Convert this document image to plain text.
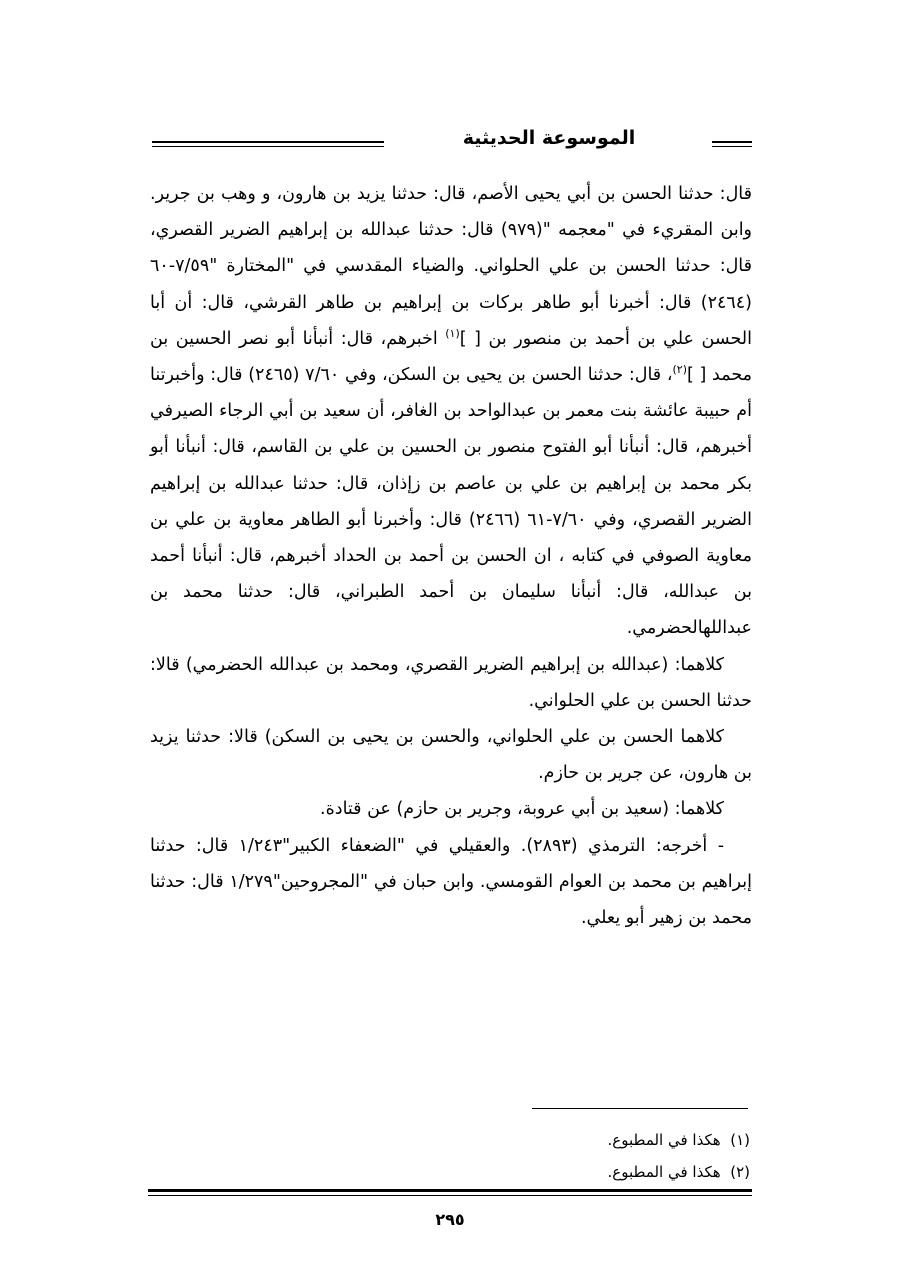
الموسوعة الحديثية

قال: حدثنا الحسن بن أبي يحيى الأصم، قال: حدثنا يزيد بن هارون، و وهب بن جرير. وابن المقريء في "معجمه "(٩٧٩) قال: حدثنا عبدالله بن إبراهيم الضرير القصري، قال: حدثنا الحسن بن علي الحلواني. والضياء المقدسي في "المختارة "٧/٥٩-٦٠ (٢٤٦٤) قال: أخبرنا أبو طاهر بركات بن إبراهيم بن طاهر القرشي، قال: أن أبا الحسن علي بن أحمد بن منصور بن [ ]$^{(١)}$ اخبرهم، قال: أنبأنا أبو نصر الحسين بن محمد [ ]$^{(٢)}$، قال: حدثنا الحسن بن يحيى بن السكن، وفي ٧/٦٠ (٢٤٦٥) قال: وأخبرتنا أم حبيبة عائشة بنت معمر بن عبدالواحد بن الغافر، أن سعيد بن أبي الرجاء الصيرفي أخبرهم، قال: أنبأنا أبو الفتوح منصور بن الحسين بن علي بن القاسم، قال: أنبأنا أبو بكر محمد بن إبراهيم بن علي بن عاصم بن زإذان، قال: حدثنا عبدالله بن إبراهيم الضرير القصري، وفي ٧/٦٠-٦١ (٢٤٦٦) قال: وأخبرنا أبو الطاهر معاوية بن علي بن معاوية الصوفي في كتابه ، ان الحسن بن أحمد بن الحداد أخبرهم، قال: أنبأنا أحمد بن عبدالله، قال: أنبأنا سليمان بن أحمد الطبراني، قال: حدثنا محمد بن عبداللهالحضرمي.

كلاهما: (عبدالله بن إبراهيم الضرير القصري، ومحمد بن عبدالله الحضرمي) قالا: حدثنا الحسن بن علي الحلواني.

كلاهما الحسن بن علي الحلواني، والحسن بن يحيى بن السكن) قالا: حدثنا يزيد بن هارون، عن جرير بن حازم.

كلاهما: (سعيد بن أبي عروبة، وجرير بن حازم) عن قتادة.

- أخرجه: الترمذي (٢٨٩٣). والعقيلي في "الضعفاء الكبير"١/٢٤٣ قال: حدثنا إبراهيم بن محمد بن العوام القومسي. وابن حبان في "المجروحين"١/٢٧٩ قال: حدثنا محمد بن زهير أبو يعلي.

(١)  هكذا في المطبوع.
(٢)  هكذا في المطبوع.
٢٩٥
